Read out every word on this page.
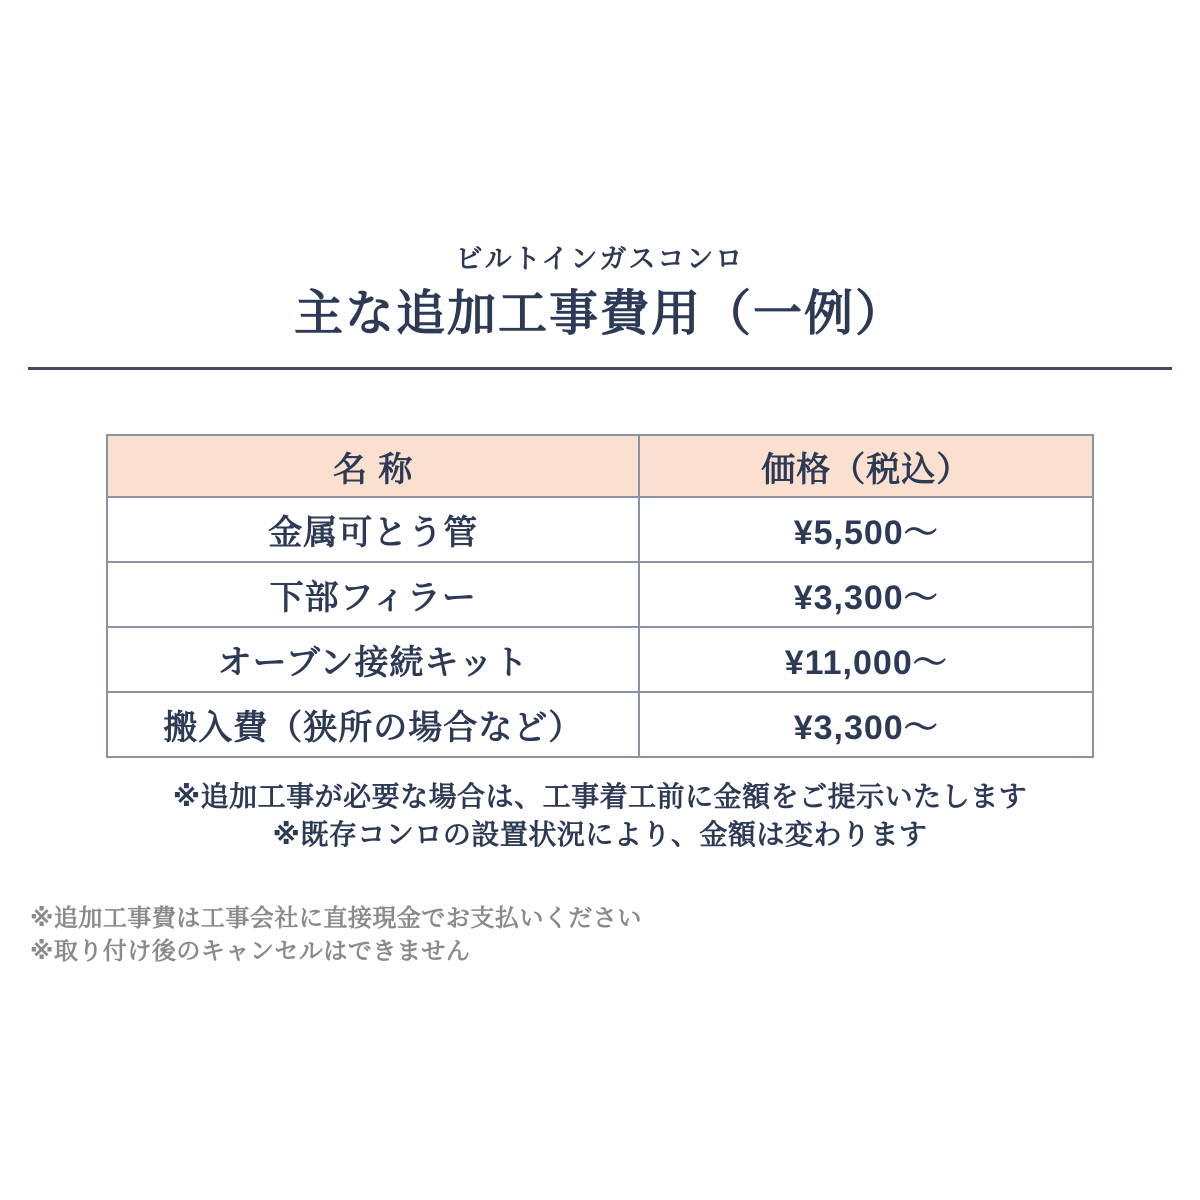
ビルトインガスコンロ
主な追加工事費用（一例）
名 称	価格（税込）
金属可とう管	¥5,500〜
下部フィラー	¥3,300〜
オーブン接続キット	¥11,000〜
搬入費（狭所の場合など）	¥3,300〜

※追加工事が必要な場合は、工事着工前に金額をご提示いたします

※既存コンロの設置状況により、金額は変わります

※追加工事費は工事会社に直接現金でお支払いください

※取り付け後のキャンセルはできません
